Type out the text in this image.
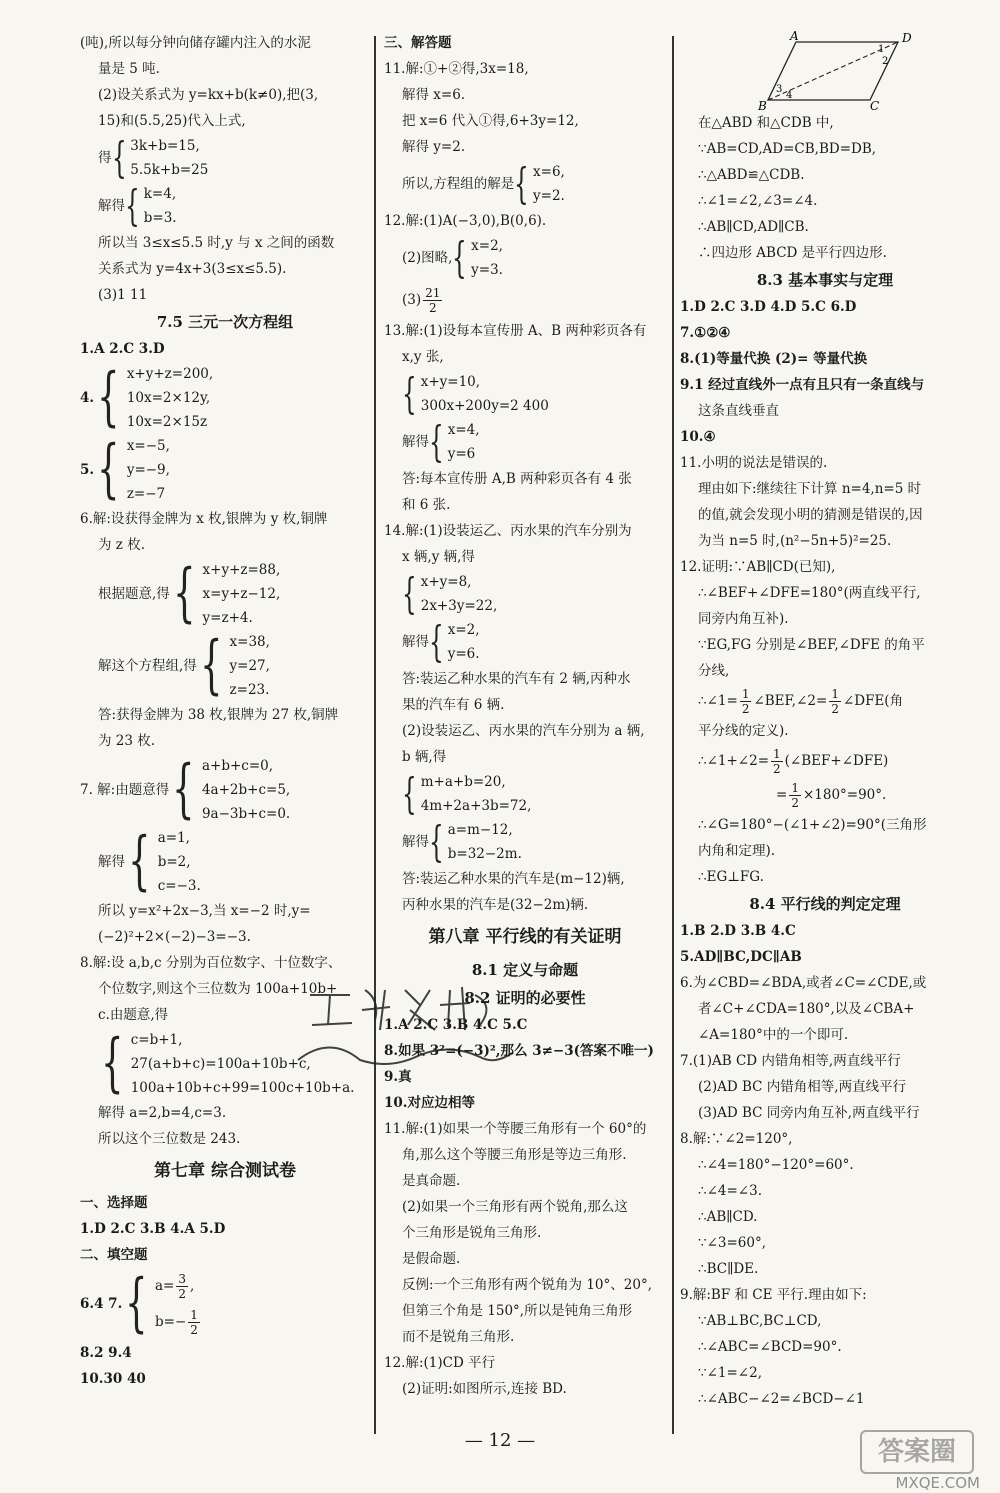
(吨),所以每分钟向储存罐内注入的水泥
量是 5 吨.
(2)设关系式为 y=kx+b(k≠0),把(3,
15)和(5.5,25)代入上式,
得 { 3k+b=15,
5.5k+b=25
解得 { k=4,
b=3.
所以当 3≤x≤5.5 时,y 与 x 之间的函数
关系式为 y=4x+3(3≤x≤5.5).
(3)1 11
7.5 三元一次方程组
1.A 2.C 3.D
4. { x+y+z=200,
10x=2×12y,
10x=2×15z
5. { x=−5,
y=−9,
z=−7
6.解:设获得金牌为 x 枚,银牌为 y 枚,铜牌
为 z 枚.
根据题意,得 { x+y+z=88,
x=y+z−12,
y=z+4.
解这个方程组,得 { x=38,
y=27,
z=23.
答:获得金牌为 38 枚,银牌为 27 枚,铜牌
为 23 枚.
7. 解:由题意得 { a+b+c=0,
4a+2b+c=5,
9a−3b+c=0.
解得 { a=1,
b=2,
c=−3.
所以 y=x²+2x−3,当 x=−2 时,y=
(−2)²+2×(−2)−3=−3.
8.解:设 a,b,c 分别为百位数字、十位数字、
个位数字,则这个三位数为 100a+10b+
c.由题意,得
{ c=b+1,
27(a+b+c)=100a+10b+c,
100a+10b+c+99=100c+10b+a.
解得 a=2,b=4,c=3.
所以这个三位数是 243.
第七章 综合测试卷
一、选择题
1.D 2.C 3.B 4.A 5.D
二、填空题
6.4 7. { $a= \frac{3}{2}$ ,
$b=- \frac{1}{2}$
8.2 9.4
10.30 40
三、解答题
11.解:①+②得,3x=18,
解得 x=6.
把 x=6 代入①得,6+3y=12,
解得 y=2.
所以,方程组的解是 { x=6,
y=2.
12.解:(1)A(−3,0),B(0,6).
(2)图略, { x=2,
y=3.
$(3) \frac{21}{2}$
13.解:(1)设每本宣传册 A、B 两种彩页各有
x,y 张,
{ x+y=10,
300x+200y=2 400
解得 { x=4,
y=6
答:每本宣传册 A,B 两种彩页各有 4 张
和 6 张.
14.解:(1)设装运乙、丙水果的汽车分别为
x 辆,y 辆,得
{ x+y=8,
2x+3y=22,
解得 { x=2,
y=6.
答:装运乙种水果的汽车有 2 辆,丙种水
果的汽车有 6 辆.
(2)设装运乙、丙水果的汽车分别为 a 辆,
b 辆,得
{ m+a+b=20,
4m+2a+3b=72,
解得 { a=m−12,
b=32−2m.
答:装运乙种水果的汽车是(m−12)辆,
丙种水果的汽车是(32−2m)辆.
第八章 平行线的有关证明
8.1 定义与命题
8.2 证明的必要性
1.A 2.C 3.B 4.C 5.C
8.如果 3²=(−3)²,那么 3≠−3(答案不唯一)
9.真
10.对应边相等
11.解:(1)如果一个等腰三角形有一个 60°的
角,那么这个等腰三角形是等边三角形.
是真命题.
(2)如果一个三角形有两个锐角,那么这
个三角形是锐角三角形.
是假命题.
反例:一个三角形有两个锐角为 10°、20°,
但第三个角是 150°,所以是钝角三角形
而不是锐角三角形.
12.解:(1)CD 平行
(2)证明:如图所示,连接 BD.
A	D
B	C
1
2
3
4
在△ABD 和△CDB 中,
∵AB=CD,AD=CB,BD=DB,
∴△ABD≌△CDB.
∴∠1=∠2,∠3=∠4.
∴AB∥CD,AD∥CB.
∴四边形 ABCD 是平行四边形.
8.3 基本事实与定理
1.D 2.C 3.D 4.D 5.C 6.D
7.①②④
8.(1)等量代换 (2)= 等量代换
9.1 经过直线外一点有且只有一条直线与
这条直线垂直
10.④
11.小明的说法是错误的.
理由如下:继续往下计算 n=4,n=5 时
的值,就会发现小明的猜测是错误的,因
为当 n=5 时,(n²−5n+5)²=25.
12.证明:∵AB∥CD(已知),
∴∠BEF+∠DFE=180°(两直线平行,
同旁内角互补).
∵EG,FG 分别是∠BEF,∠DFE 的角平
分线,
∴∠1= $\frac{1}{2}$ ∠BEF,∠2= $\frac{1}{2}$ ∠DFE(角
平分线的定义).
∴∠1+∠2= $\frac{1}{2}$ (∠BEF+∠DFE)
= $\frac{1}{2} \times 180^\circ=90^\circ$.
∴∠G=180°−(∠1+∠2)=90°(三角形
内角和定理).
∴EG⊥FG.
8.4 平行线的判定定理
1.B 2.D 3.B 4.C
5.AD∥BC,DC∥AB
6.为∠CBD=∠BDA,或者∠C=∠CDE,或
者∠C+∠CDA=180°,以及∠CBA+
∠A=180°中的一个即可.
7.(1)AB CD 内错角相等,两直线平行
(2)AD BC 内错角相等,两直线平行
(3)AD BC 同旁内角互补,两直线平行
8.解:∵∠2=120°,
∴∠4=180°−120°=60°.
∴∠4=∠3.
∴AB∥CD.
∵∠3=60°,
∴BC∥DE.
9.解:BF 和 CE 平行.理由如下:
∵AB⊥BC,BC⊥CD,
∴∠ABC=∠BCD=90°.
∵∠1=∠2,
∴∠ABC−∠2=∠BCD−∠1
— 12 —	答案圈
MXQE.COM
